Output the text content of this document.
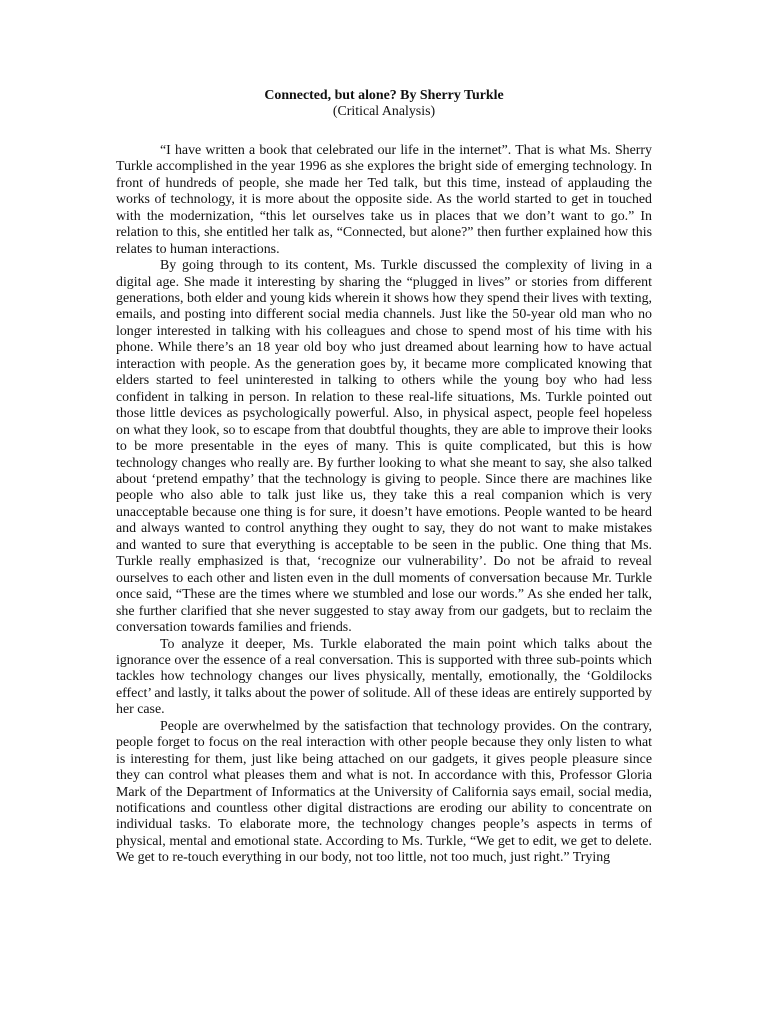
Connected, but alone? By Sherry Turkle

(Critical Analysis)

“I have written a book that celebrated our life in the internet”. That is what Ms. Sherry Turkle accomplished in the year 1996 as she explores the bright side of emerging technology. In front of hundreds of people, she made her Ted talk, but this time, instead of applauding the works of technology, it is more about the opposite side. As the world started to get in touched with the modernization, “this let ourselves take us in places that we don’t want to go.” In relation to this, she entitled her talk as, “Connected, but alone?” then further explained how this relates to human interactions.

By going through to its content, Ms. Turkle discussed the complexity of living in a digital age. She made it interesting by sharing the “plugged in lives” or stories from different generations, both elder and young kids wherein it shows how they spend their lives with texting, emails, and posting into different social media channels. Just like the 50-year old man who no longer interested in talking with his colleagues and chose to spend most of his time with his phone. While there’s an 18 year old boy who just dreamed about learning how to have actual interaction with people. As the generation goes by, it became more complicated knowing that elders started to feel uninterested in talking to others while the young boy who had less confident in talking in person. In relation to these real-life situations, Ms. Turkle pointed out those little devices as psychologically powerful. Also, in physical aspect, people feel hopeless on what they look, so to escape from that doubtful thoughts, they are able to improve their looks to be more presentable in the eyes of many. This is quite complicated, but this is how technology changes who really are. By further looking to what she meant to say, she also talked about ‘pretend empathy’ that the technology is giving to people. Since there are machines like people who also able to talk just like us, they take this a real companion which is very unacceptable because one thing is for sure, it doesn’t have emotions. People wanted to be heard and always wanted to control anything they ought to say, they do not want to make mistakes and wanted to sure that everything is acceptable to be seen in the public. One thing that Ms. Turkle really emphasized is that, ‘recognize our vulnerability’. Do not be afraid to reveal ourselves to each other and listen even in the dull moments of conversation because Mr. Turkle once said, “These are the times where we stumbled and lose our words.” As she ended her talk, she further clarified that she never suggested to stay away from our gadgets, but to reclaim the conversation towards families and friends.

To analyze it deeper, Ms. Turkle elaborated the main point which talks about the ignorance over the essence of a real conversation. This is supported with three sub-points which tackles how technology changes our lives physically, mentally, emotionally, the ‘Goldilocks effect’ and lastly, it talks about the power of solitude. All of these ideas are entirely supported by her case.

People are overwhelmed by the satisfaction that technology provides. On the contrary, people forget to focus on the real interaction with other people because they only listen to what is interesting for them, just like being attached on our gadgets, it gives people pleasure since they can control what pleases them and what is not. In accordance with this, Professor Gloria Mark of the Department of Informatics at the University of California says email, social media, notifications and countless other digital distractions are eroding our ability to concentrate on individual tasks. To elaborate more, the technology changes people’s aspects in terms of physical, mental and emotional state. According to Ms. Turkle, “We get to edit, we get to delete. We get to re-touch everything in our body, not too little, not too much, just right.” Trying
